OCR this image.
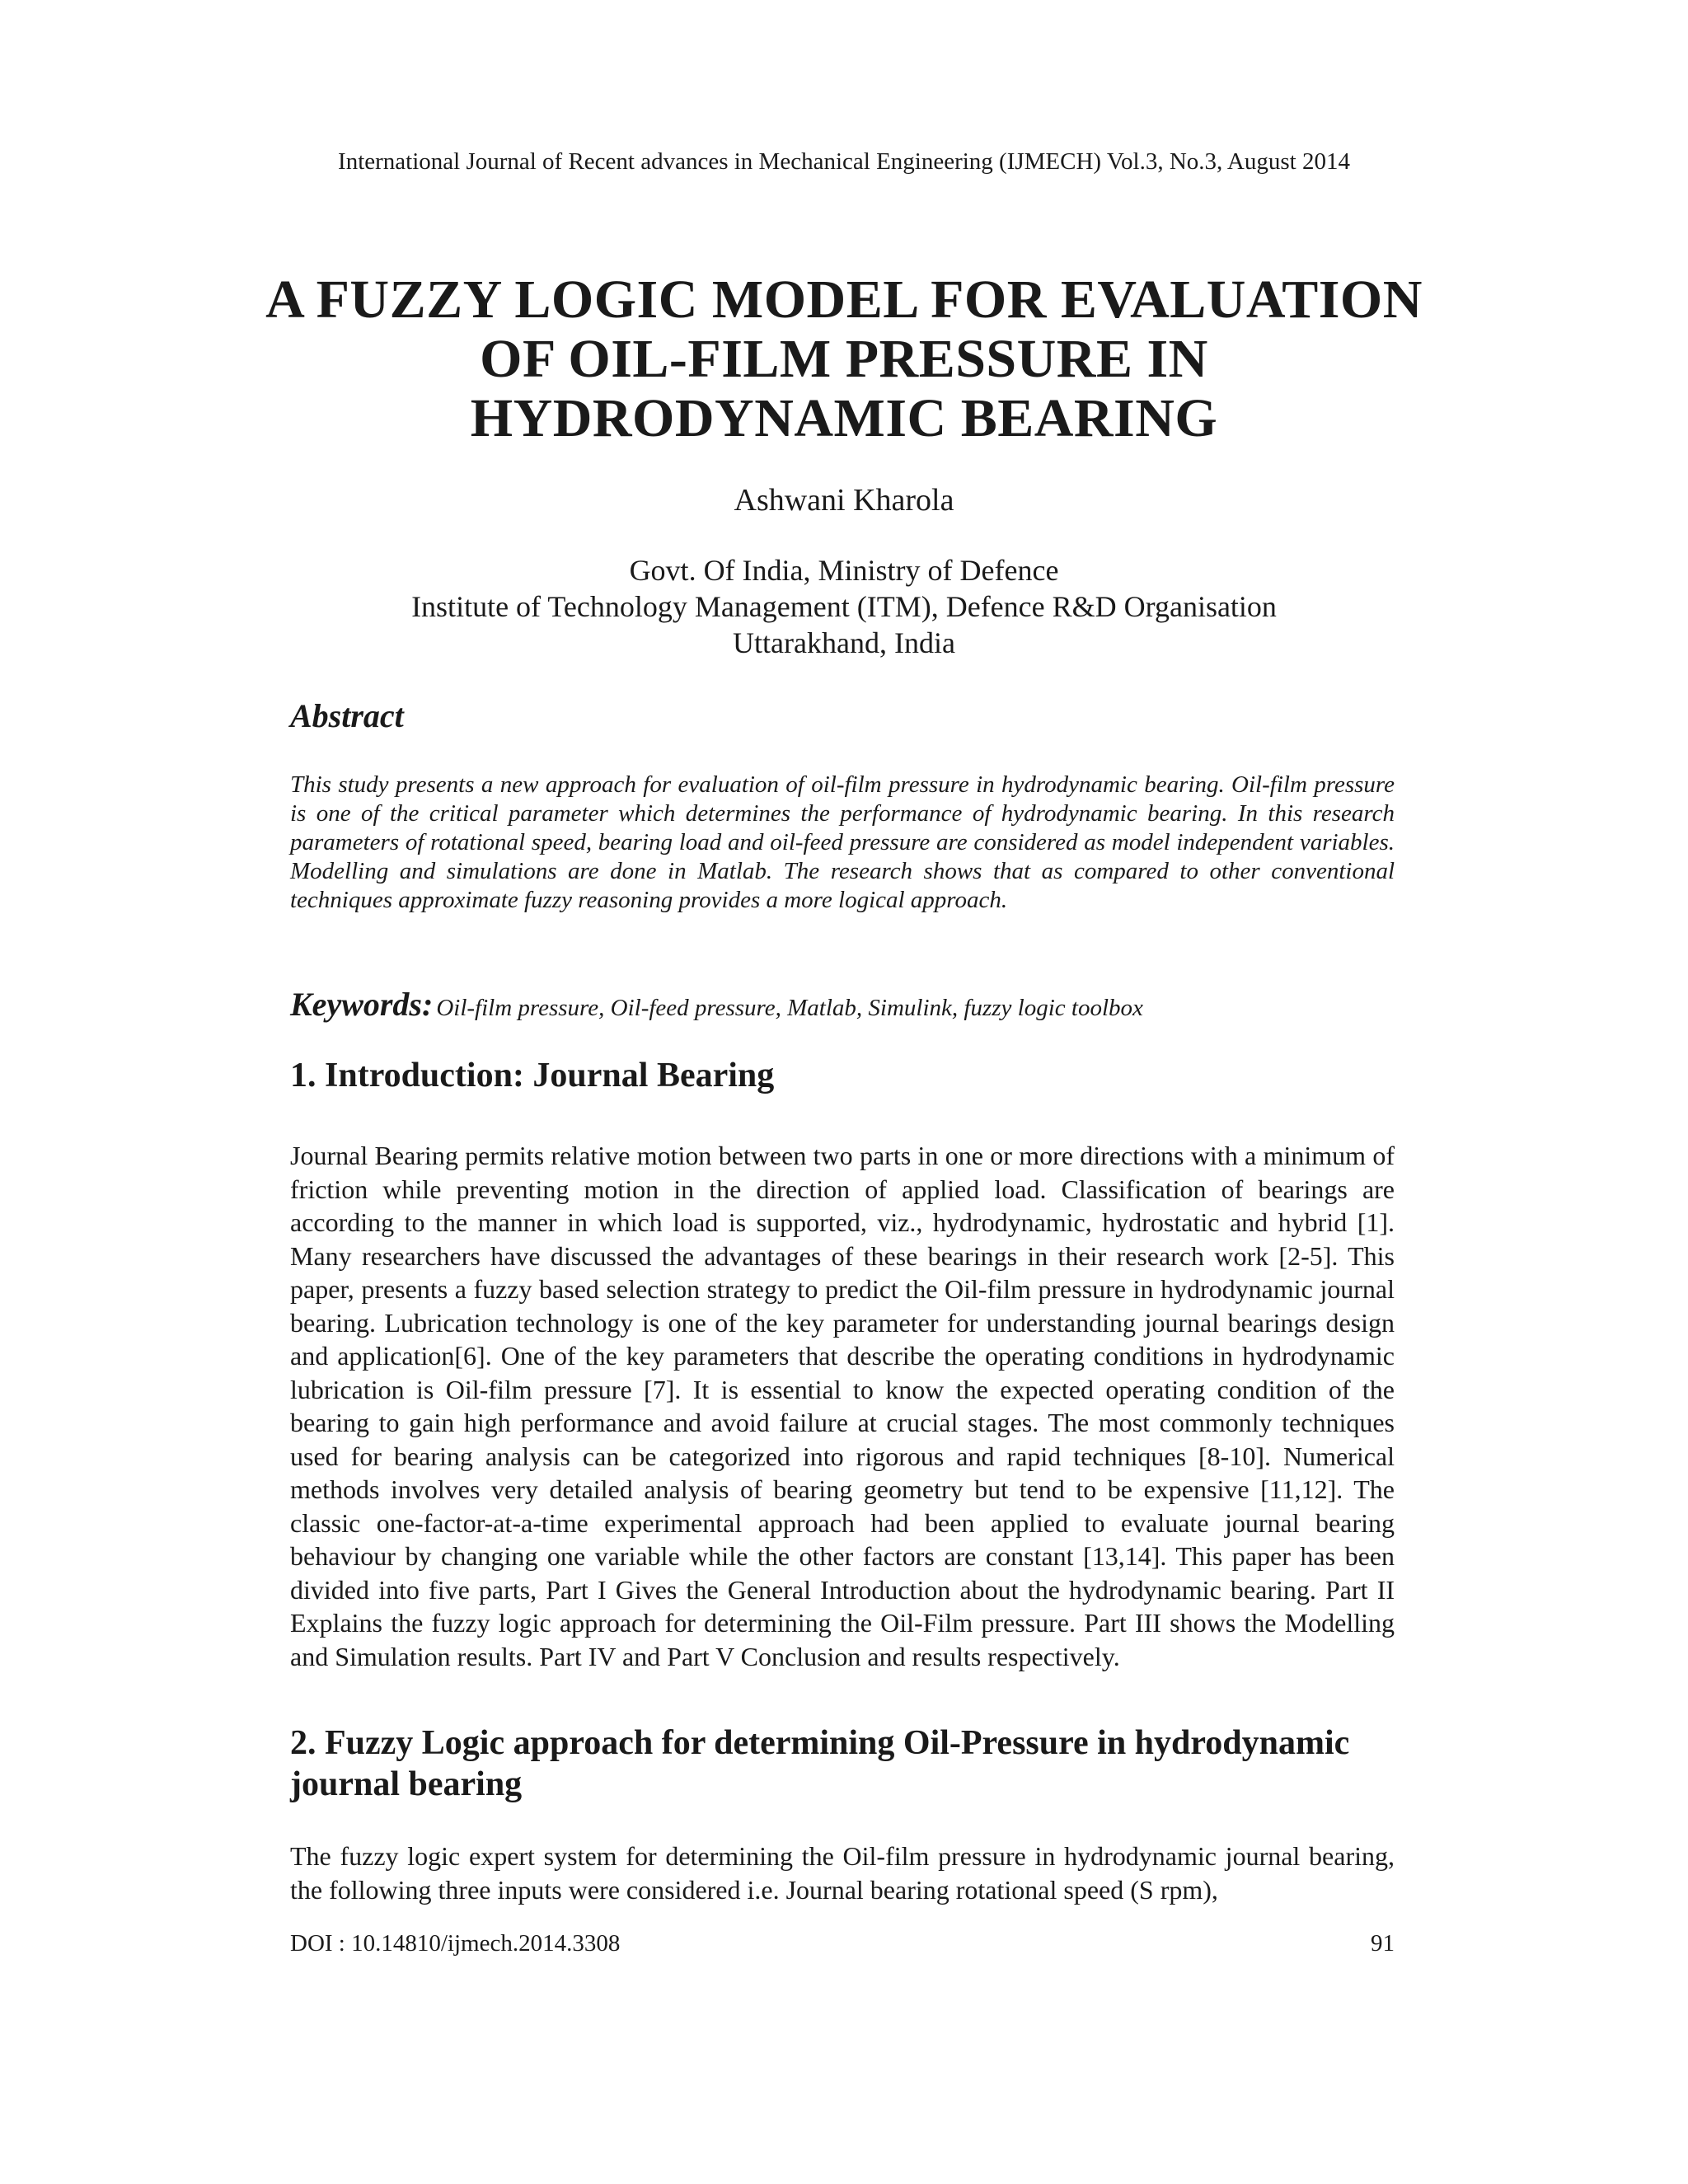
International Journal of Recent advances in Mechanical Engineering (IJMECH) Vol.3, No.3, August 2014
A FUZZY LOGIC MODEL FOR EVALUATION
OF OIL-FILM PRESSURE IN
HYDRODYNAMIC BEARING
Ashwani Kharola
Govt. Of India, Ministry of Defence
Institute of Technology Management (ITM), Defence R&D Organisation
Uttarakhand, India
Abstract

This study presents a new approach for evaluation of oil-film pressure in hydrodynamic bearing. Oil-film pressure is one of the critical parameter which determines the performance of hydrodynamic bearing. In this research parameters of rotational speed, bearing load and oil-feed pressure are considered as model independent variables. Modelling and simulations are done in Matlab. The research shows that as compared to other conventional techniques approximate fuzzy reasoning provides a more logical approach.

Keywords: Oil-film pressure, Oil-feed pressure, Matlab, Simulink, fuzzy logic toolbox
1. Introduction: Journal Bearing

Journal Bearing permits relative motion between two parts in one or more directions with a minimum of friction while preventing motion in the direction of applied load. Classification of bearings are according to the manner in which load is supported, viz., hydrodynamic, hydrostatic and hybrid [1]. Many researchers have discussed the advantages of these bearings in their research work [2-5]. This paper, presents a fuzzy based selection strategy to predict the Oil-film pressure in hydrodynamic journal bearing. Lubrication technology is one of the key parameter for understanding journal bearings design and application[6]. One of the key parameters that describe the operating conditions in hydrodynamic lubrication is Oil-film pressure [7]. It is essential to know the expected operating condition of the bearing to gain high performance and avoid failure at crucial stages. The most commonly techniques used for bearing analysis can be categorized into rigorous and rapid techniques [8-10]. Numerical methods involves very detailed analysis of bearing geometry but tend to be expensive [11,12]. The classic one-factor-at-a-time experimental approach had been applied to evaluate journal bearing behaviour by changing one variable while the other factors are constant [13,14]. This paper has been divided into five parts, Part I Gives the General Introduction about the hydrodynamic bearing. Part II Explains the fuzzy logic approach for determining the Oil-Film pressure. Part III shows the Modelling and Simulation results. Part IV and Part V Conclusion and results respectively.

2. Fuzzy Logic approach for determining Oil-Pressure in hydrodynamic journal bearing

The fuzzy logic expert system for determining the Oil-film pressure in hydrodynamic journal bearing, the following three inputs were considered i.e. Journal bearing rotational speed (S rpm),

DOI : 10.14810/ijmech.2014.3308	91
